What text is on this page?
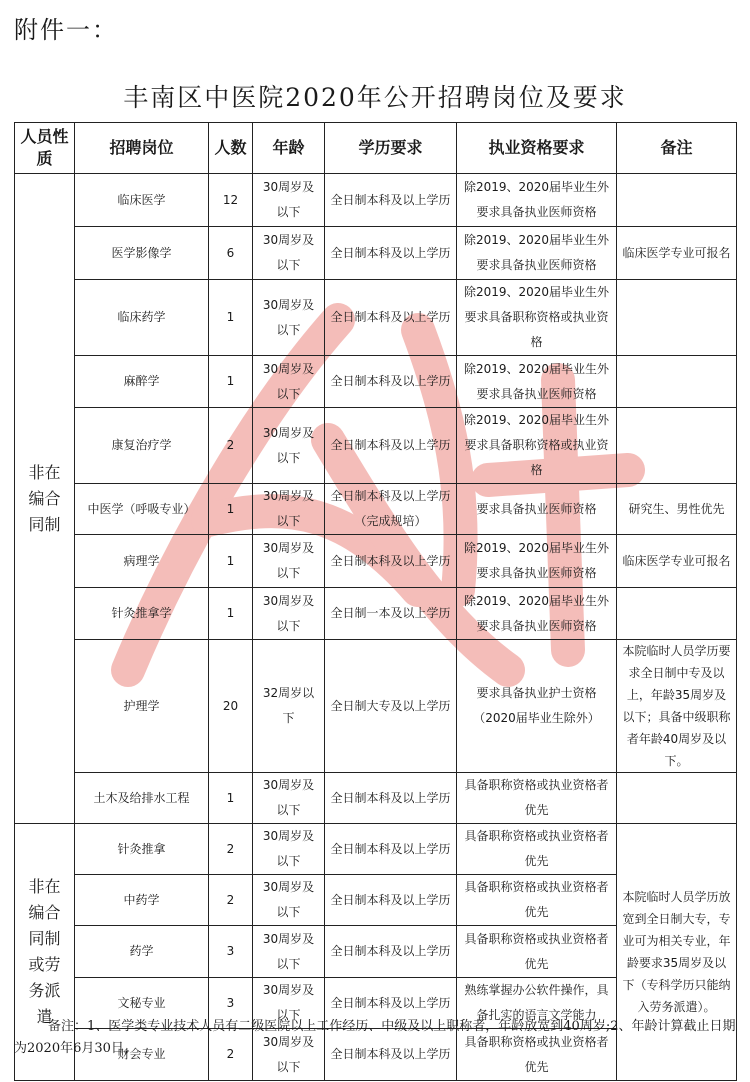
附件一：
丰南区中医院2020年公开招聘岗位及要求
人员性质	招聘岗位	人数	年龄	学历要求	执业资格要求	备注
非在编合同制	临床医学	12	30周岁及以下	全日制本科及以上学历	除2019、2020届毕业生外要求具备执业医师资格	
	医学影像学	6	30周岁及以下	全日制本科及以上学历	除2019、2020届毕业生外要求具备执业医师资格	临床医学专业可报名
	临床药学	1	30周岁及以下	全日制本科及以上学历	除2019、2020届毕业生外要求具备职称资格或执业资格	
	麻醉学	1	30周岁及以下	全日制本科及以上学历	除2019、2020届毕业生外要求具备执业医师资格	
	康复治疗学	2	30周岁及以下	全日制本科及以上学历	除2019、2020届毕业生外要求具备职称资格或执业资格	
	中医学（呼吸专业）	1	30周岁及以下	全日制本科及以上学历（完成规培）	要求具备执业医师资格	研究生、男性优先
	病理学	1	30周岁及以下	全日制本科及以上学历	除2019、2020届毕业生外要求具备执业医师资格	临床医学专业可报名
	针灸推拿学	1	30周岁及以下	全日制一本及以上学历	除2019、2020届毕业生外要求具备执业医师资格	
	护理学	20	32周岁以下	全日制大专及以上学历	要求具备执业护士资格（2020届毕业生除外）	本院临时人员学历要求全日制中专及以上，年龄35周岁及以下；具备中级职称者年龄40周岁及以下。
	土木及给排水工程	1	30周岁及以下	全日制本科及以上学历	具备职称资格或执业资格者优先	
非在编合同制或劳务派遣	针灸推拿	2	30周岁及以下	全日制本科及以上学历	具备职称资格或执业资格者优先	本院临时人员学历放宽到全日制大专，专业可为相关专业，年龄要求35周岁及以下（专科学历只能纳入劳务派遣）。
	中药学	2	30周岁及以下	全日制本科及以上学历	具备职称资格或执业资格者优先	
	药学	3	30周岁及以下	全日制本科及以上学历	具备职称资格或执业资格者优先	
	文秘专业	3	30周岁及以下	全日制本科及以上学历	熟练掌握办公软件操作，具备扎实的语言文学能力	
	财会专业	2	30周岁及以下	全日制本科及以上学历	具备职称资格或执业资格者优先	
备注：1、医学类专业技术人员有二级医院以上工作经历、中级及以上职称者，年龄放宽到40周岁;2、年龄计算截止日期为2020年6月30日。
